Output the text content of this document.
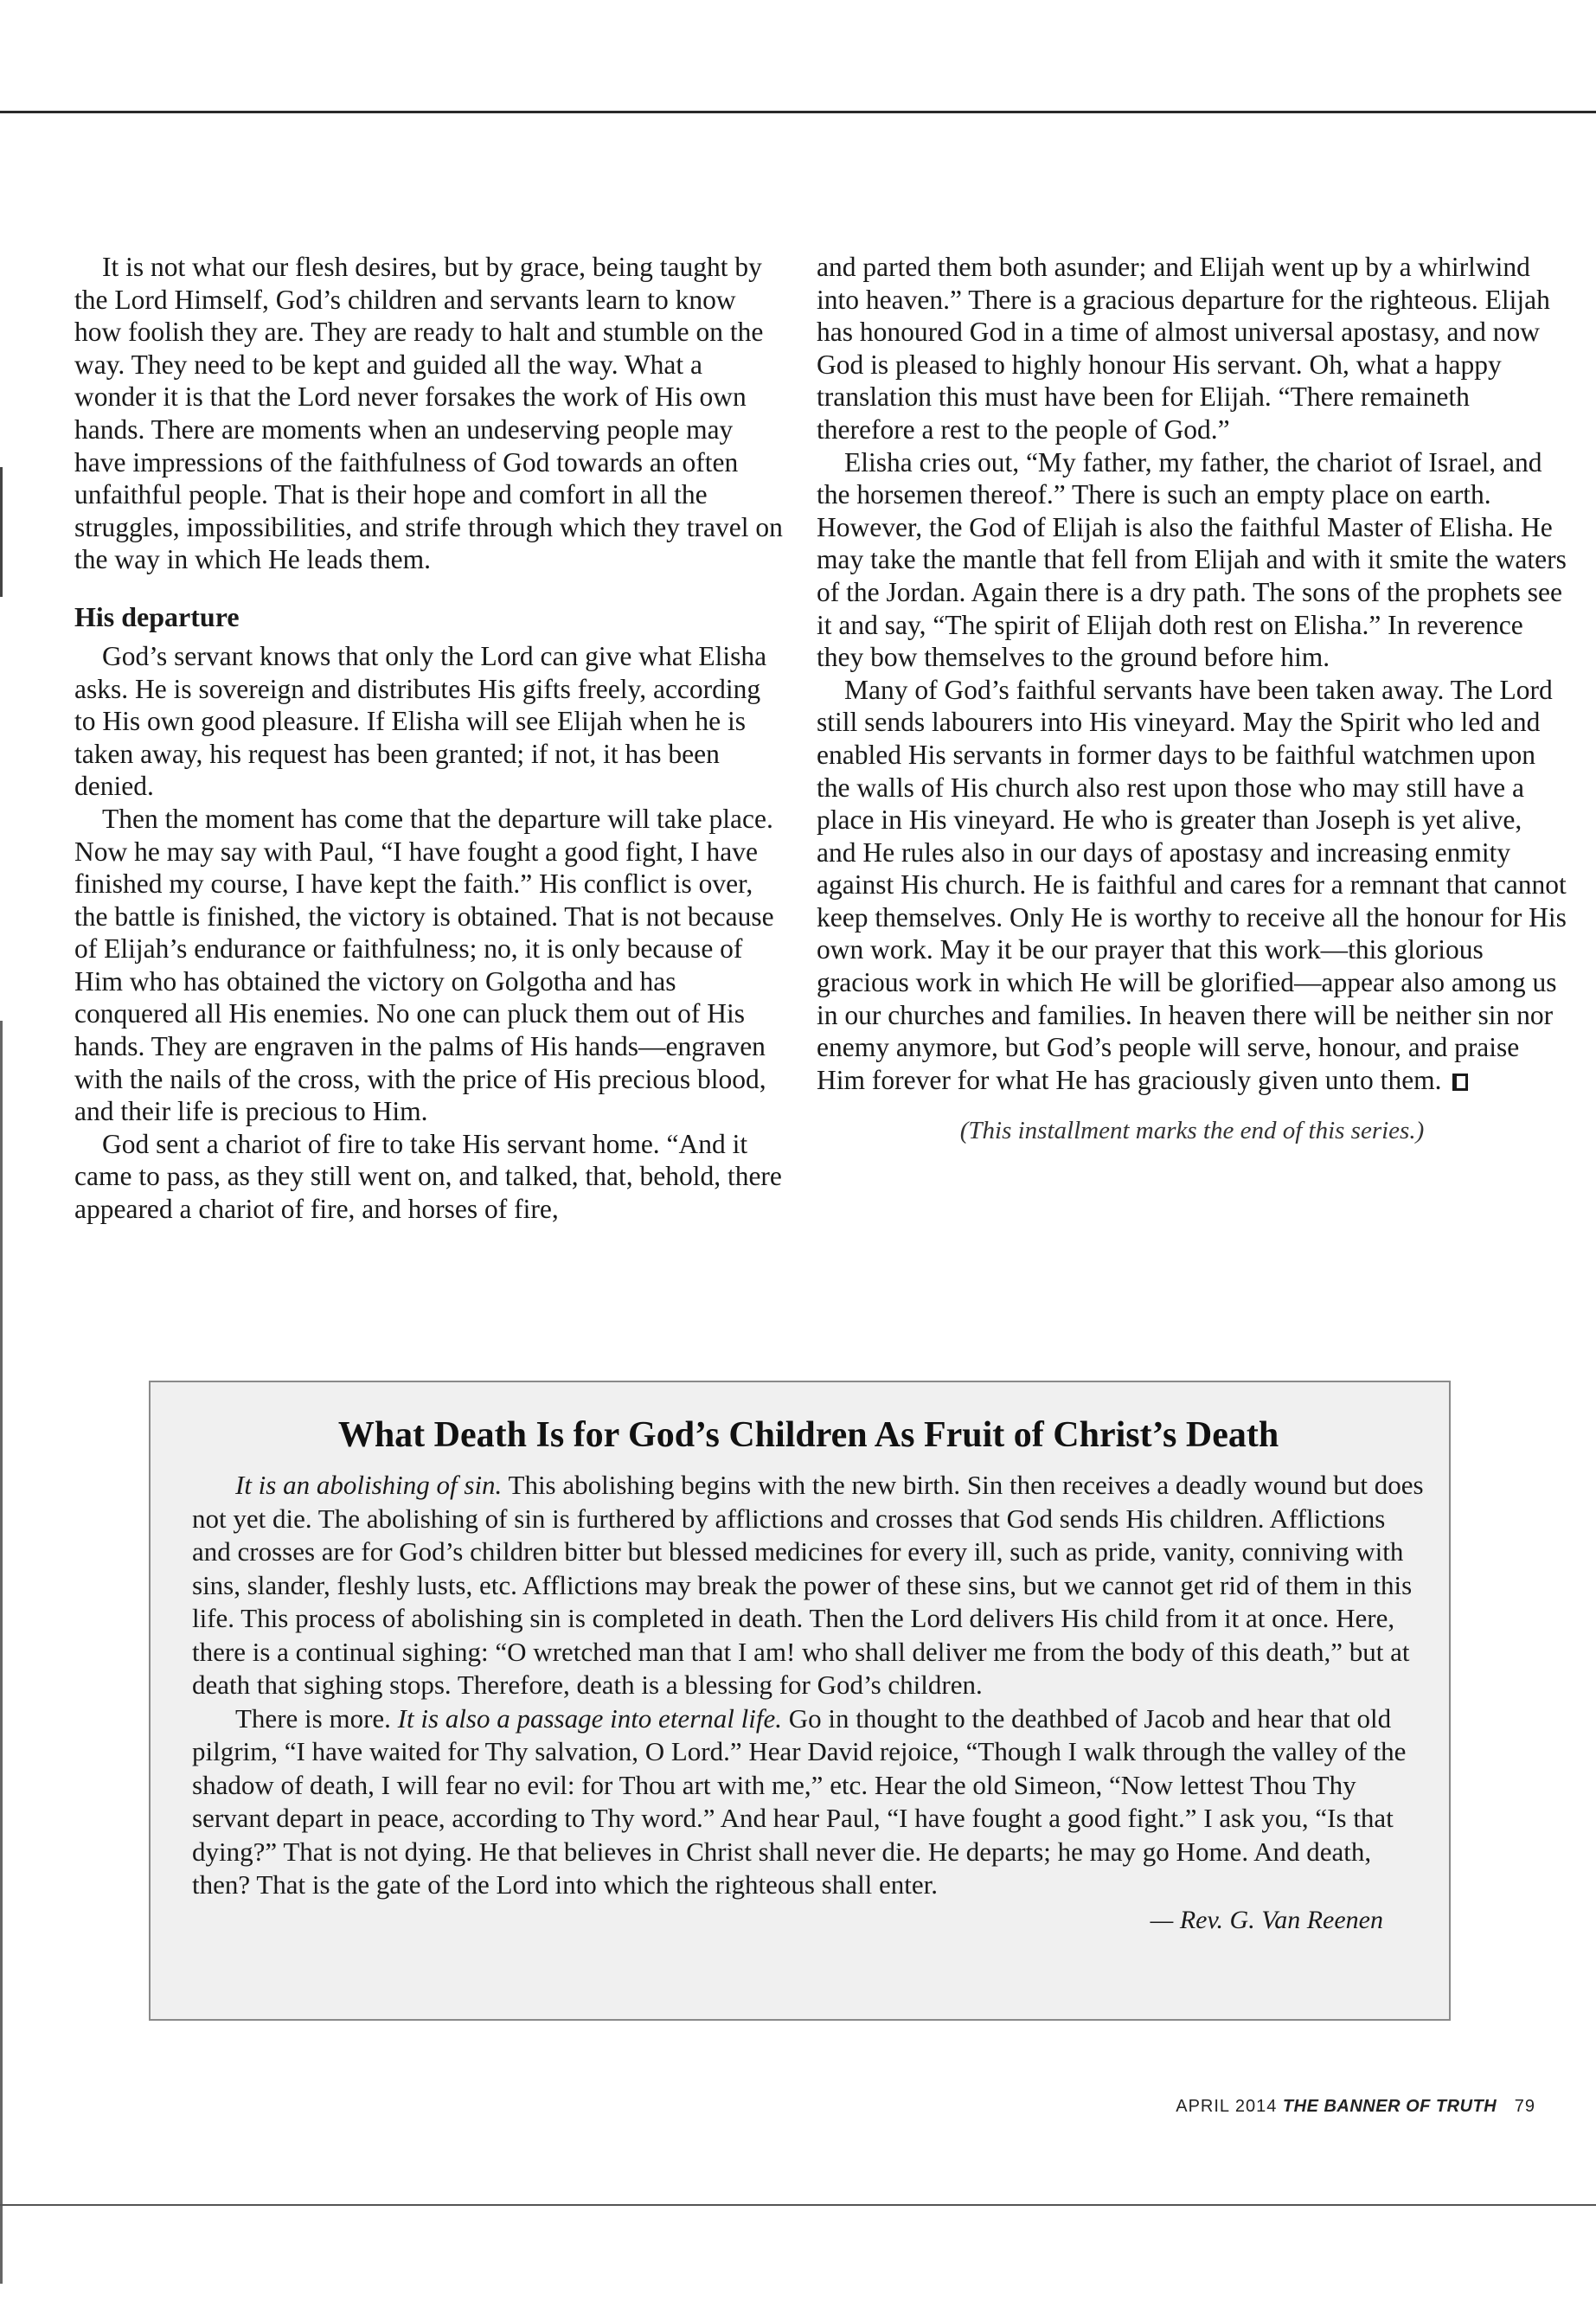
It is not what our flesh desires, but by grace, being taught by the Lord Himself, God’s children and servants learn to know how foolish they are. They are ready to halt and stumble on the way. They need to be kept and guided all the way. What a wonder it is that the Lord never forsakes the work of His own hands. There are moments when an undeserving people may have impressions of the faithfulness of God towards an often unfaithful people. That is their hope and comfort in all the struggles, impossibilities, and strife through which they travel on the way in which He leads them.

His departure

God’s servant knows that only the Lord can give what Elisha asks. He is sovereign and distributes His gifts freely, according to His own good pleasure. If Elisha will see Elijah when he is taken away, his request has been granted; if not, it has been denied.

Then the moment has come that the departure will take place. Now he may say with Paul, “I have fought a good fight, I have finished my course, I have kept the faith.” His conflict is over, the battle is finished, the victory is obtained. That is not because of Elijah’s endurance or faithfulness; no, it is only because of Him who has obtained the victory on Golgotha and has conquered all His enemies. No one can pluck them out of His hands. They are engraven in the palms of His hands—engraven with the nails of the cross, with the price of His precious blood, and their life is precious to Him.

God sent a chariot of fire to take His servant home. “And it came to pass, as they still went on, and talked, that, behold, there appeared a chariot of fire, and horses of fire,

and parted them both asunder; and Elijah went up by a whirlwind into heaven.” There is a gracious departure for the righteous. Elijah has honoured God in a time of almost universal apostasy, and now God is pleased to highly honour His servant. Oh, what a happy translation this must have been for Elijah. “There remaineth therefore a rest to the people of God.”

Elisha cries out, “My father, my father, the chariot of Israel, and the horsemen thereof.” There is such an empty place on earth. However, the God of Elijah is also the faithful Master of Elisha. He may take the mantle that fell from Elijah and with it smite the waters of the Jordan. Again there is a dry path. The sons of the prophets see it and say, “The spirit of Elijah doth rest on Elisha.” In reverence they bow themselves to the ground before him.

Many of God’s faithful servants have been taken away. The Lord still sends labourers into His vineyard. May the Spirit who led and enabled His servants in former days to be faithful watchmen upon the walls of His church also rest upon those who may still have a place in His vineyard. He who is greater than Joseph is yet alive, and He rules also in our days of apostasy and increasing enmity against His church. He is faithful and cares for a remnant that cannot keep themselves. Only He is worthy to receive all the honour for His own work. May it be our prayer that this work—this glorious gracious work in which He will be glorified—appear also among us in our churches and families. In heaven there will be neither sin nor enemy anymore, but God’s people will serve, honour, and praise Him forever for what He has graciously given unto them.

(This installment marks the end of this series.)
What Death Is for God’s Children As Fruit of Christ’s Death

It is an abolishing of sin. This abolishing begins with the new birth. Sin then receives a deadly wound but does not yet die. The abolishing of sin is furthered by afflictions and crosses that God sends His children. Afflictions and crosses are for God’s children bitter but blessed medicines for every ill, such as pride, vanity, conniving with sins, slander, fleshly lusts, etc. Afflictions may break the power of these sins, but we cannot get rid of them in this life. This process of abolishing sin is completed in death. Then the Lord delivers His child from it at once. Here, there is a continual sighing: “O wretched man that I am! who shall deliver me from the body of this death,” but at death that sighing stops. Therefore, death is a blessing for God’s children.

There is more. It is also a passage into eternal life. Go in thought to the deathbed of Jacob and hear that old pilgrim, “I have waited for Thy salvation, O Lord.” Hear David rejoice, “Though I walk through the valley of the shadow of death, I will fear no evil: for Thou art with me,” etc. Hear the old Simeon, “Now lettest Thou Thy servant depart in peace, according to Thy word.” And hear Paul, “I have fought a good fight.” I ask you, “Is that dying?” That is not dying. He that believes in Christ shall never die. He departs; he may go Home. And death, then? That is the gate of the Lord into which the righteous shall enter.

— Rev. G. Van Reenen
APRIL 2014 THE BANNER OF TRUTH 79
